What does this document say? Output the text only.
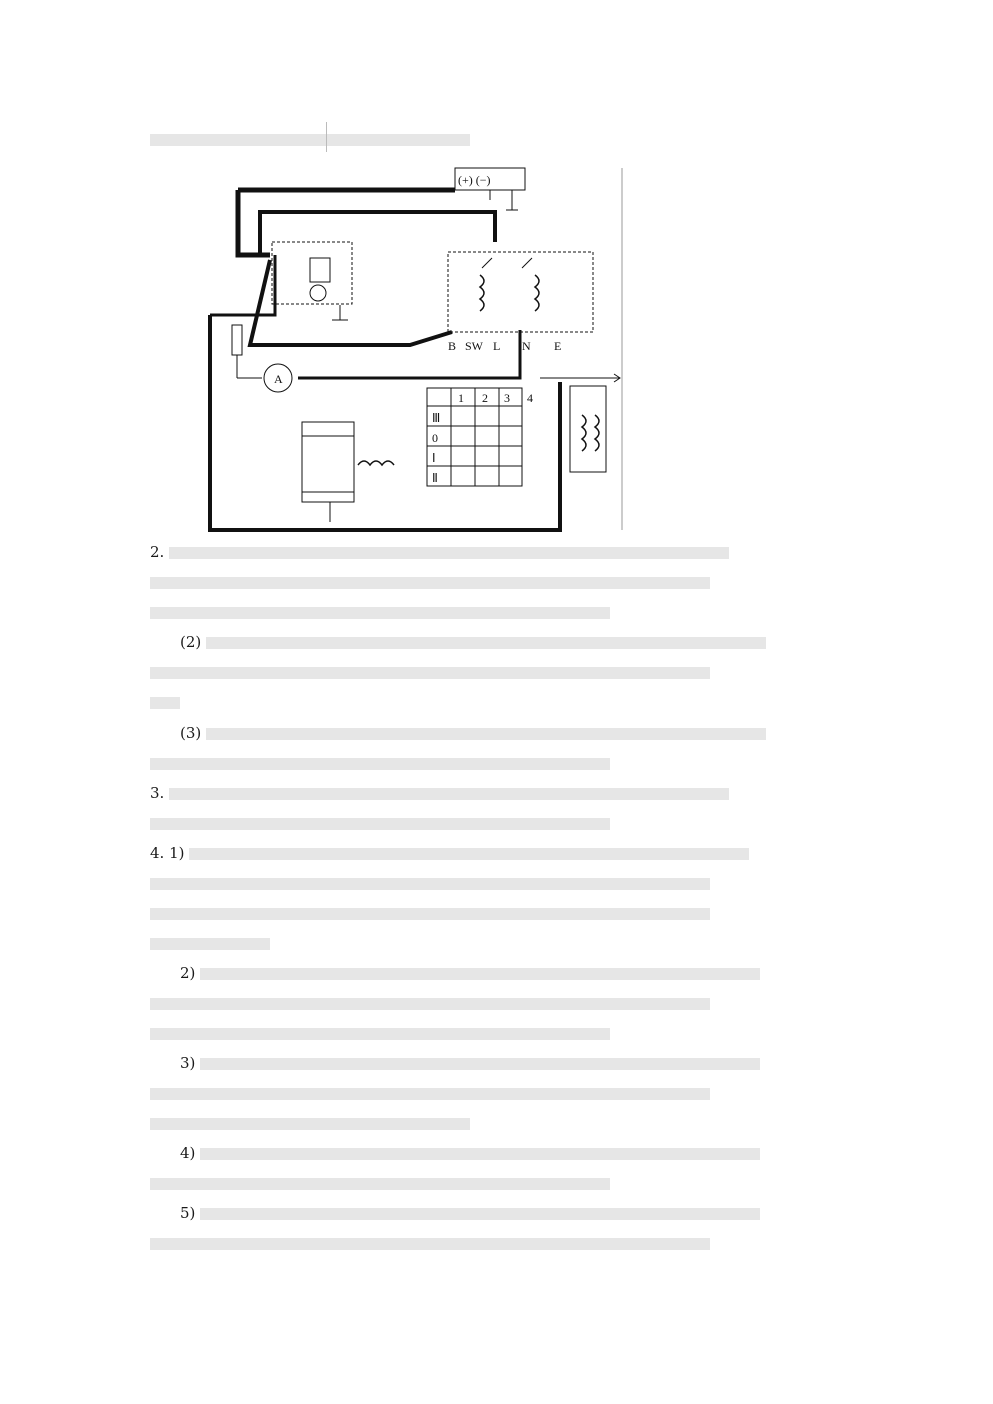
(+) (−)
B SW L N E
A
1 2 3 4
Ⅲ
0
Ⅰ
Ⅱ
2.
(2)
(3)
3.
4. 1)
2)
3)
4)
5)
